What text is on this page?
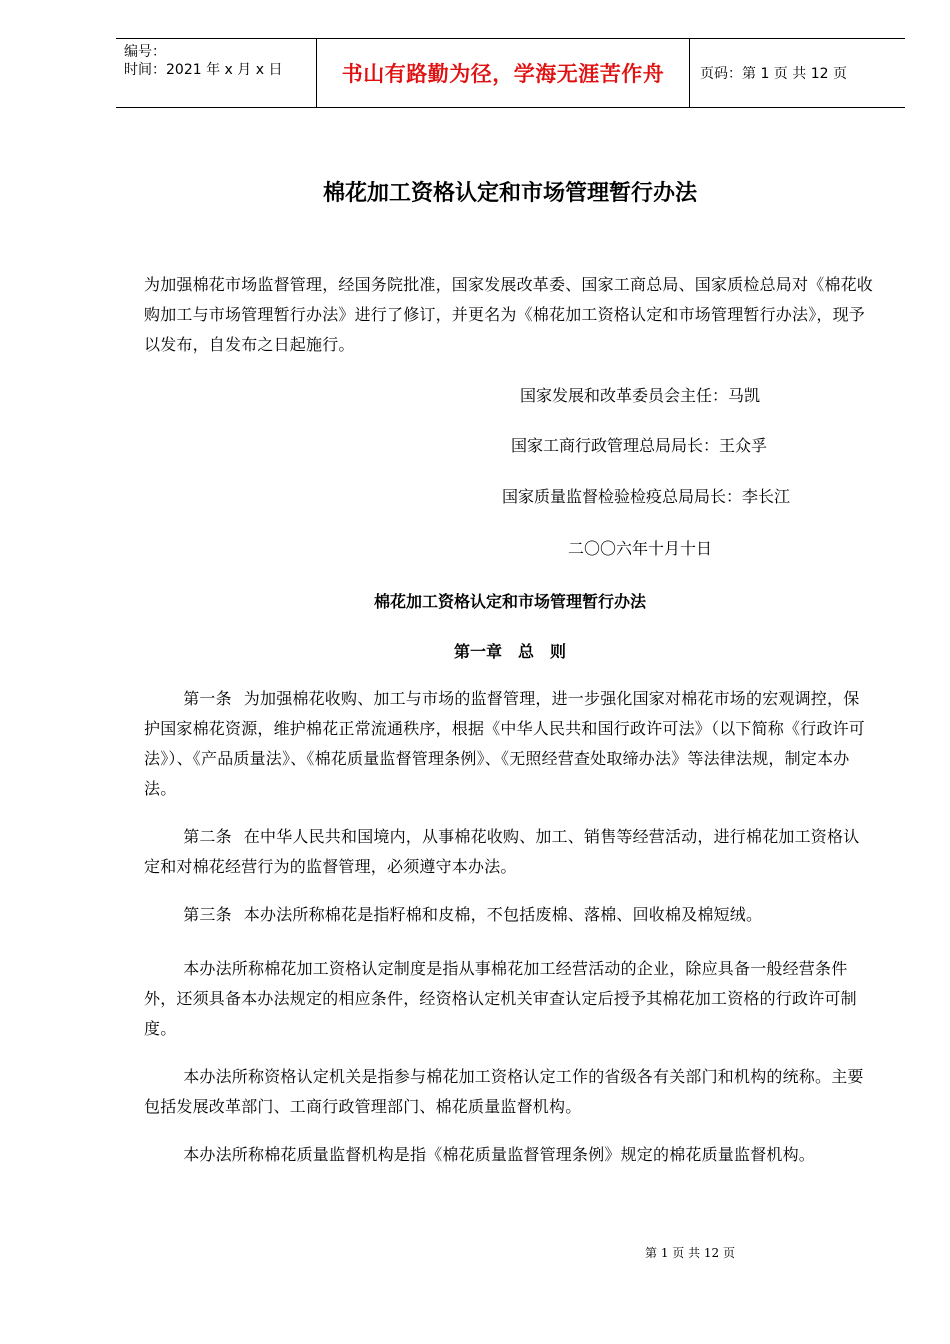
编号：
时间：2021 年 x 月 x 日	书山有路勤为径，学海无涯苦作舟	页码：第 1 页 共 12 页
棉花加工资格认定和市场管理暂行办法
为加强棉花市场监督管理，经国务院批准，国家发展改革委、国家工商总局、国家质检总局对《棉花收购加工与市场管理暂行办法》进行了修订，并更名为《棉花加工资格认定和市场管理暂行办法》，现予以发布，自发布之日起施行。
国家发展和改革委员会主任：马凯
国家工商行政管理总局局长：王众孚
国家质量监督检验检疫总局局长：李长江
二〇〇六年十月十日
棉花加工资格认定和市场管理暂行办法
第一章　总　则
第一条 为加强棉花收购、加工与市场的监督管理，进一步强化国家对棉花市场的宏观调控，保护国家棉花资源，维护棉花正常流通秩序，根据《中华人民共和国行政许可法》（以下简称《行政许可法》）、《产品质量法》、《棉花质量监督管理条例》、《无照经营查处取缔办法》等法律法规，制定本办法。
第二条 在中华人民共和国境内，从事棉花收购、加工、销售等经营活动，进行棉花加工资格认定和对棉花经营行为的监督管理，必须遵守本办法。
第三条 本办法所称棉花是指籽棉和皮棉，不包括废棉、落棉、回收棉及棉短绒。
本办法所称棉花加工资格认定制度是指从事棉花加工经营活动的企业，除应具备一般经营条件外，还须具备本办法规定的相应条件，经资格认定机关审查认定后授予其棉花加工资格的行政许可制度。
本办法所称资格认定机关是指参与棉花加工资格认定工作的省级各有关部门和机构的统称。主要包括发展改革部门、工商行政管理部门、棉花质量监督机构。
本办法所称棉花质量监督机构是指《棉花质量监督管理条例》规定的棉花质量监督机构。
第 1 页 共 12 页
